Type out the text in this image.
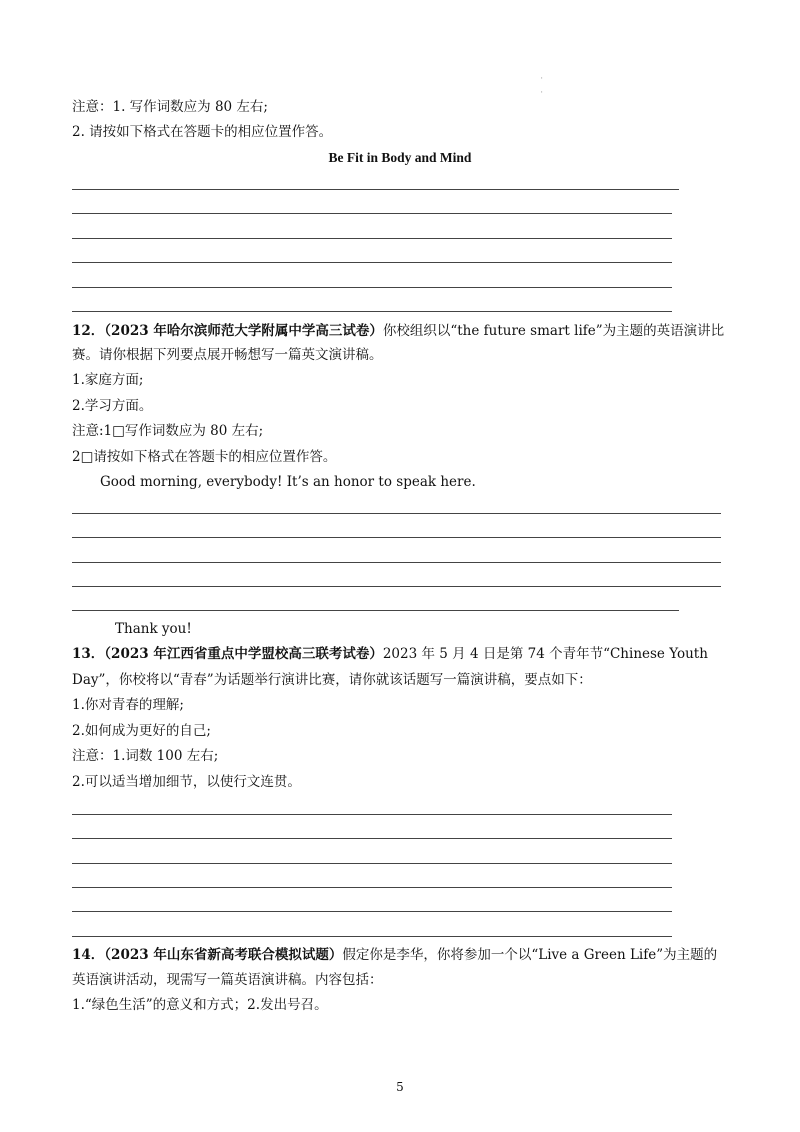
'
'
注意：1. 写作词数应为 80 左右;
2. 请按如下格式在答题卡的相应位置作答。
Be Fit in Body and Mind
12．（2023 年哈尔滨师范大学附属中学高三试卷）你校组织以“the future smart life”为主题的英语演讲比
赛。请你根据下列要点展开畅想写一篇英文演讲稿。
1.家庭方面;
2.学习方面。
注意:1□写作词数应为 80 左右;
2□请按如下格式在答题卡的相应位置作答。
Good morning, everybody! It’s an honor to speak here.
Thank you!
13．（2023 年江西省重点中学盟校高三联考试卷）2023 年 5 月 4 日是第 74 个青年节“Chinese Youth
Day”，你校将以“青春”为话题举行演讲比赛，请你就该话题写一篇演讲稿，要点如下：
1.你对青春的理解;
2.如何成为更好的自己;
注意：1.词数 100 左右;
2.可以适当增加细节，以使行文连贯。
14．（2023 年山东省新高考联合模拟试题）假定你是李华，你将参加一个以“Live a Green Life”为主题的
英语演讲活动，现需写一篇英语演讲稿。内容包括：
1.“绿色生活”的意义和方式；2.发出号召。
5
